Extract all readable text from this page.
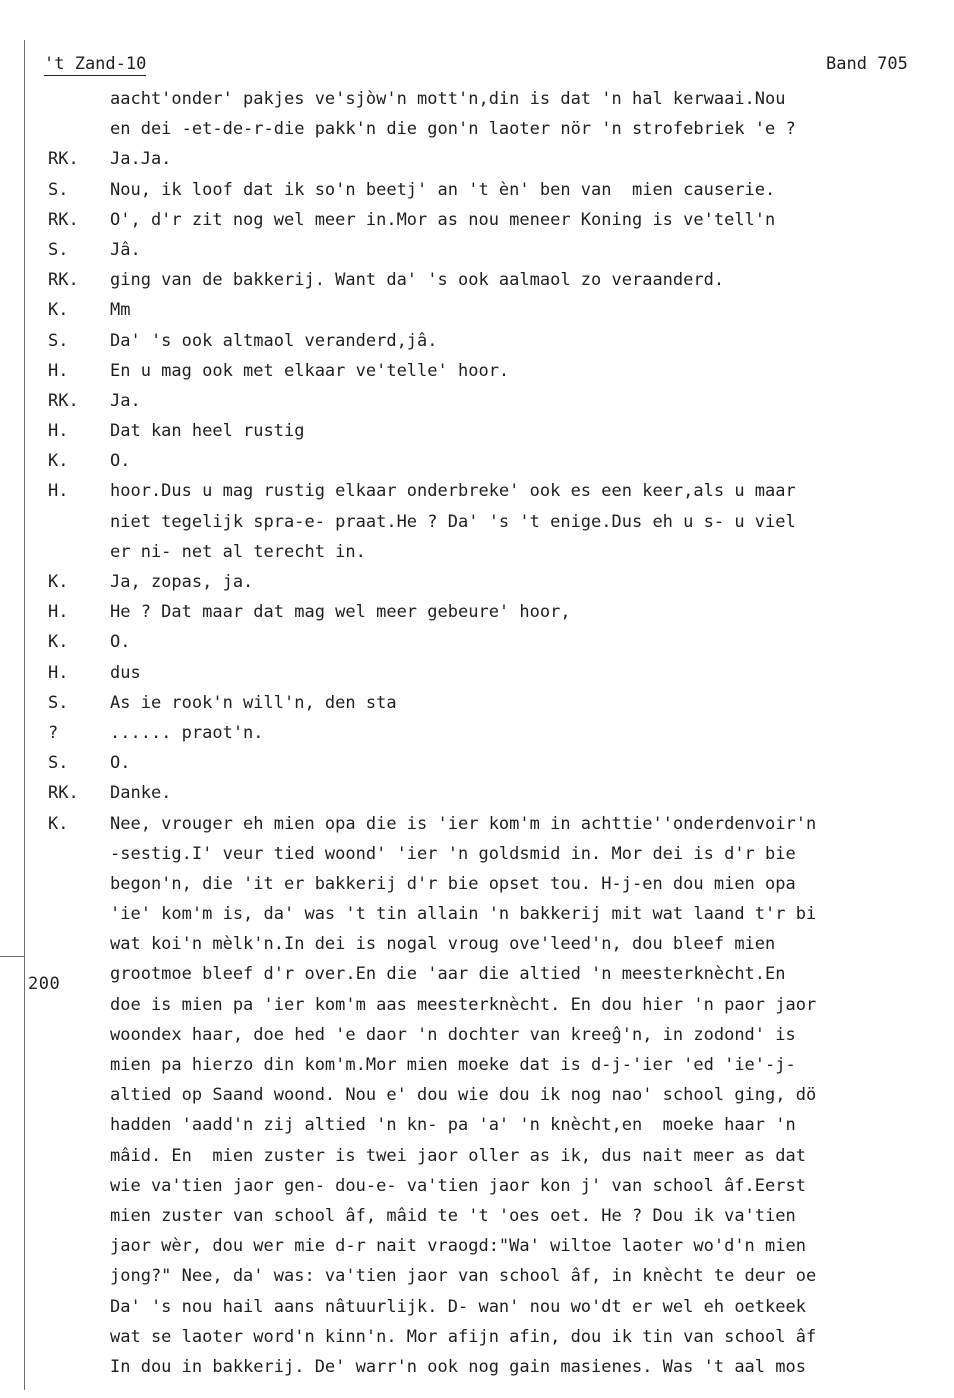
200
't Zand-10	Band 705
aacht'onder' pakjes ve'sjòw'n mott'n,din is dat 'n hal kerwaai.Nou
en dei -et-de-r-die pakk'n die gon'n laoter nör 'n strofebriek 'e ?
RK. Ja.Ja.
S. Nou, ik loof dat ik so'n beetj' an 't èn' ben van  mien causerie.
RK. O', d'r zit nog wel meer in.Mor as nou meneer Koning is ve'tell'n
S. Jâ.
RK. ging van de bakkerij. Want da' 's ook aalmaol zo veraanderd.
K. Mm
S. Da' 's ook altmaol veranderd,jâ.
H. En u mag ook met elkaar ve'telle' hoor.
RK. Ja.
H. Dat kan heel rustig
K. O.
H. hoor.Dus u mag rustig elkaar onderbreke' ook es een keer,als u maar
niet tegelijk spra-e- praat.He ? Da' 's 't enige.Dus eh u s- u viel
er ni- net al terecht in.
K. Ja, zopas, ja.
H. He ? Dat maar dat mag wel meer gebeure' hoor,
K. O.
H. dus
S. As ie rook'n will'n, den sta
?	...... praot'n.
S. O.
RK. Danke.
K. Nee, vrouger eh mien opa die is 'ier kom'm in achttie''onderdenvoir'n
-sestig.I' veur tied woond' 'ier 'n goldsmid in. Mor dei is d'r bie
begon'n, die 'it er bakkerij d'r bie opset tou. H-j-en dou mien opa
'ie' kom'm is, da' was 't tin allain 'n bakkerij mit wat laand t'r bi
wat koi'n mèlk'n.In dei is nogal vroug ove'leed'n, dou bleef mien
grootmoe bleef d'r over.En die 'aar die altied 'n meesterknècht.En
doe is mien pa 'ier kom'm aas meesterknècht. En dou hier 'n paor jaor
woondex haar, doe hed 'e daor 'n dochter van kreeĝ'n, in zodond' is
mien pa hierzo din kom'm.Mor mien moeke dat is d-j-'ier 'ed 'ie'-j-
altied op Saand woond. Nou e' dou wie dou ik nog nao' school ging, dö
hadden 'aadd'n zij altied 'n kn- pa 'a' 'n knècht,en  moeke haar 'n
mâid. En  mien zuster is twei jaor oller as ik, dus nait meer as dat
wie va'tien jaor gen- dou-e- va'tien jaor kon j' van school âf.Eerst
mien zuster van school âf, mâid te 't 'oes oet. He ? Dou ik va'tien
jaor wèr, dou wer mie d-r nait vraogd:"Wa' wiltoe laoter wo'd'n mien
jong?" Nee, da' was: va'tien jaor van school âf, in knècht te deur oe
Da' 's nou hail aans nâtuurlijk. D- wan' nou wo'dt er wel eh oetkeek
wat se laoter word'n kinn'n. Mor afijn afin, dou ik tin van school âf
In dou in bakkerij. De' warr'n ook nog gain masienes. Was 't aal mos
